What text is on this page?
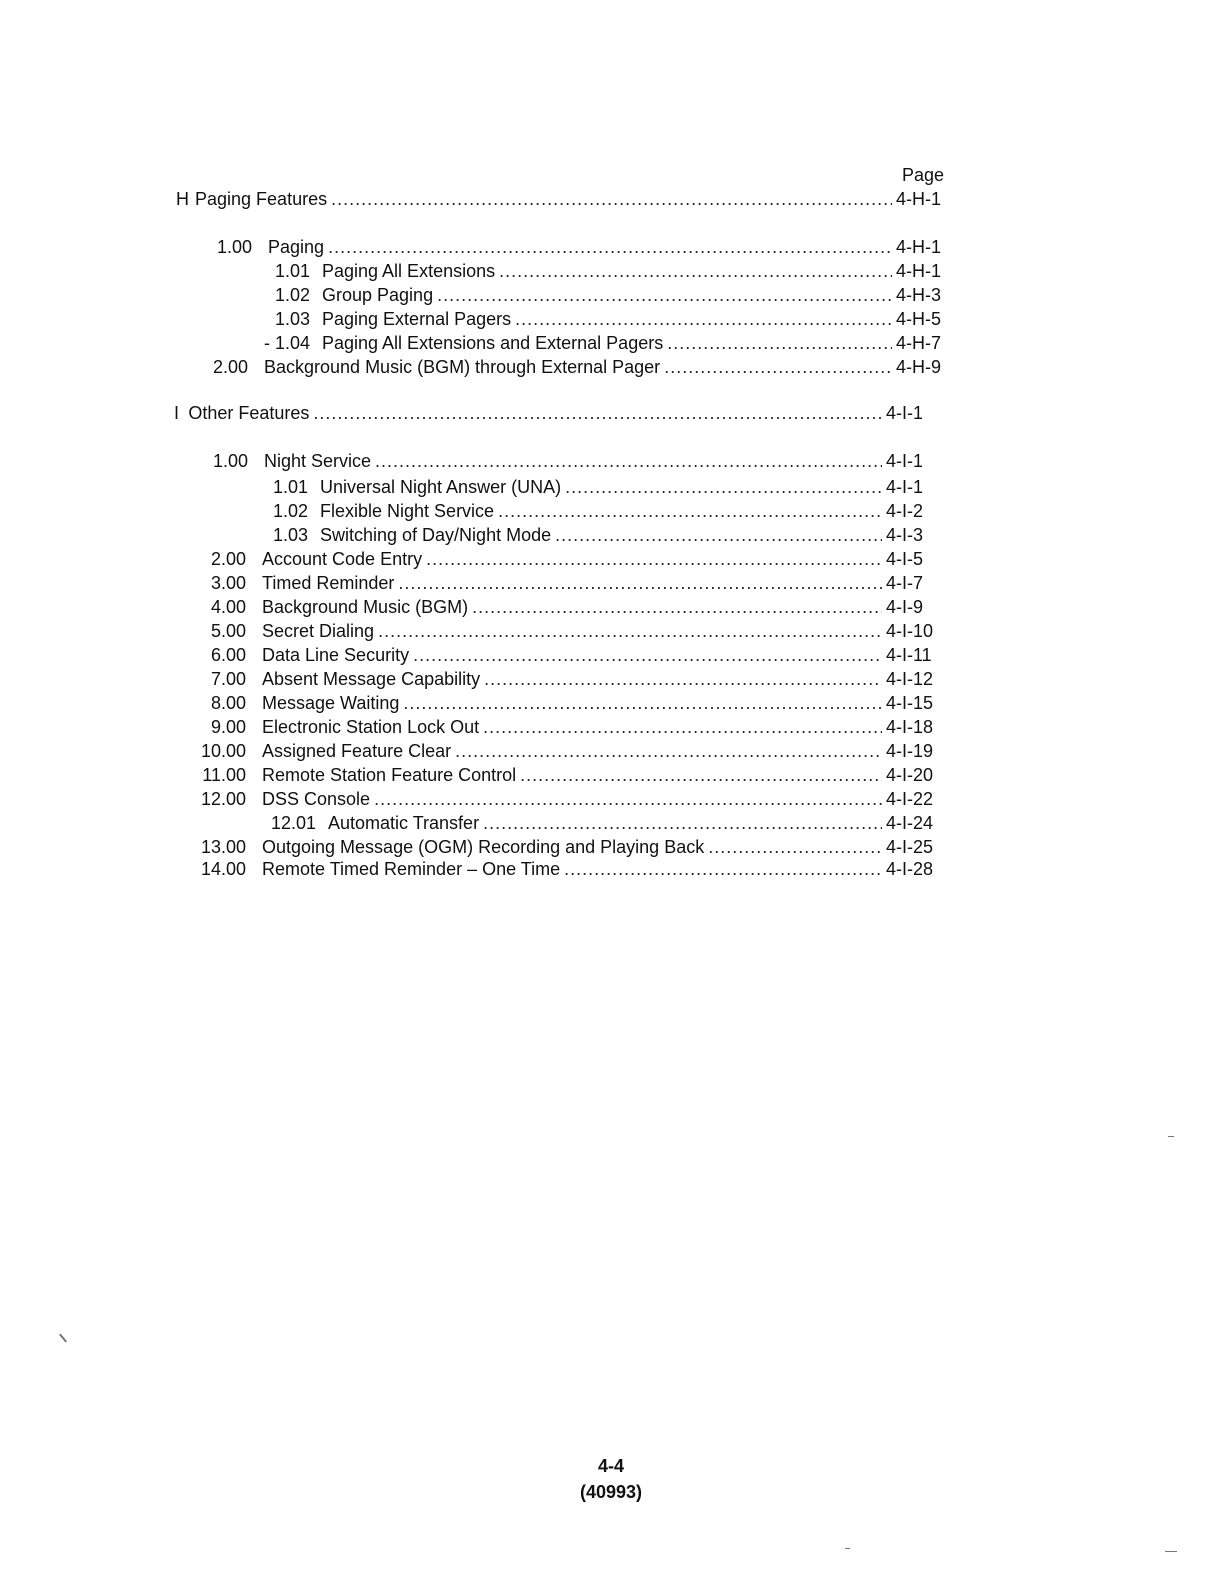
Page
H Paging Features .....	4-H-1
1.00 Paging .....	4-H-1
1.01 Paging All Extensions .....	4-H-1
1.02 Group Paging .....	4-H-3
1.03 Paging External Pagers .....	4-H-5
- 1.04 Paging All Extensions and External Pagers .....	4-H-7
2.00 Background Music (BGM) through External Pager .....	4-H-9
I Other Features .....	4-I-1
1.00 Night Service .....	4-I-1
1.01 Universal Night Answer (UNA) .....	4-I-1
1.02 Flexible Night Service .....	4-I-2
1.03 Switching of Day/Night Mode .....	4-I-3
2.00 Account Code Entry .....	4-I-5
3.00 Timed Reminder .....	4-I-7
4.00 Background Music (BGM) .....	4-I-9
5.00 Secret Dialing .....	4-I-10
6.00 Data Line Security .....	4-I-11
7.00 Absent Message Capability .....	4-I-12
8.00 Message Waiting .....	4-I-15
9.00 Electronic Station Lock Out .....	4-I-18
10.00 Assigned Feature Clear .....	4-I-19
11.00 Remote Station Feature Control .....	4-I-20
12.00 DSS Console .....	4-I-22
12.01 Automatic Transfer .....	4-I-24
13.00 Outgoing Message (OGM) Recording and Playing Back .....	4-I-25
14.00 Remote Timed Reminder – One Time .....	4-I-28
4-4
(40993)
